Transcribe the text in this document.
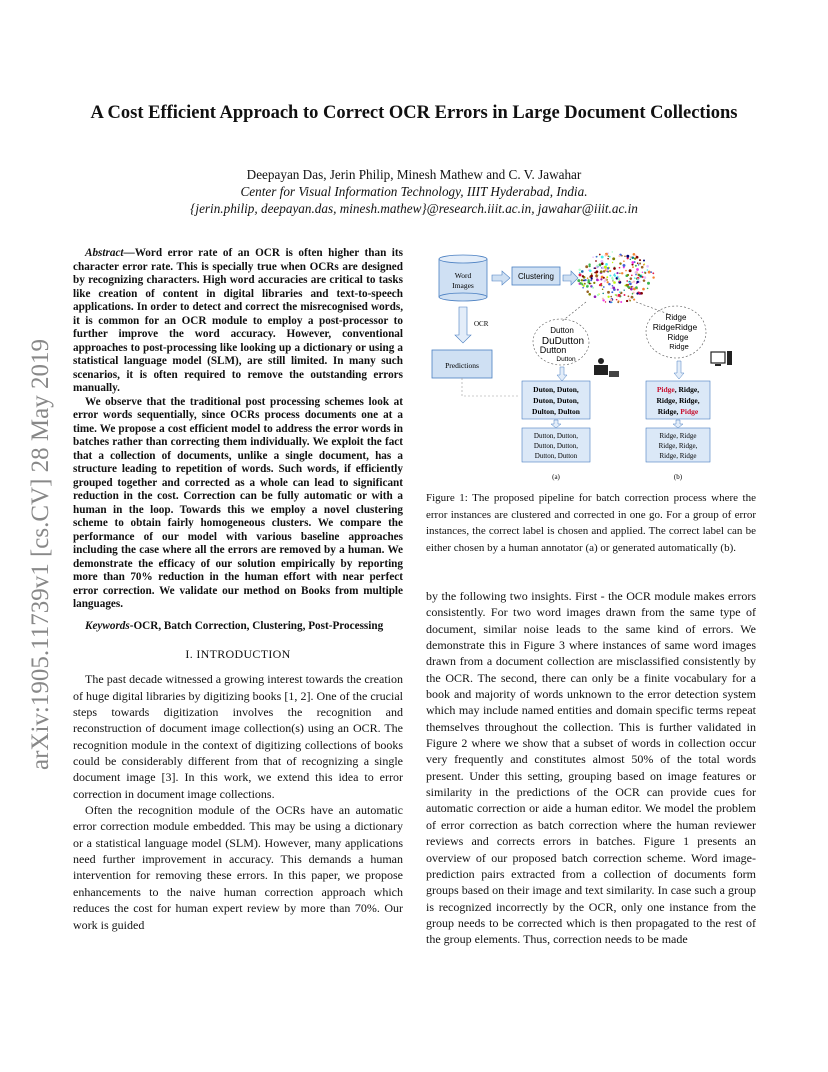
arXiv:1905.11739v1 [cs.CV] 28 May 2019
A Cost Efficient Approach to Correct OCR Errors in Large Document Collections
Deepayan Das, Jerin Philip, Minesh Mathew and C. V. Jawahar
Center for Visual Information Technology, IIIT Hyderabad, India.
{jerin.philip, deepayan.das, minesh.mathew}@research.iiit.ac.in, jawahar@iiit.ac.in

Abstract—Word error rate of an OCR is often higher than its character error rate. This is specially true when OCRs are designed by recognizing characters. High word accuracies are critical to tasks like creation of content in digital libraries and text-to-speech applications. In order to detect and correct the misrecognised words, it is common for an OCR module to employ a post-processor to further improve the word accuracy. However, conventional approaches to post-processing like looking up a dictionary or using a statistical language model (SLM), are still limited. In many such scenarios, it is often required to remove the outstanding errors manually.

We observe that the traditional post processing schemes look at error words sequentially, since OCRs process documents one at a time. We propose a cost efficient model to address the error words in batches rather than correcting them individually. We exploit the fact that a collection of documents, unlike a single document, has a structure leading to repetition of words. Such words, if efficiently grouped together and corrected as a whole can lead to significant reduction in the cost. Correction can be fully automatic or with a human in the loop. Towards this we employ a novel clustering scheme to obtain fairly homogeneous clusters. We compare the performance of our model with various baseline approaches including the case where all the errors are removed by a human. We demonstrate the efficacy of our solution empirically by reporting more than 70% reduction in the human effort with near perfect error correction. We validate our method on Books from multiple languages.

Keywords-OCR, Batch Correction, Clustering, Post-Processing

I. INTRODUCTION

The past decade witnessed a growing interest towards the creation of huge digital libraries by digitizing books [1, 2]. One of the crucial steps towards digitization involves the recognition and reconstruction of document image collection(s) using an OCR. The recognition module in the context of digitizing collections of books could be considerably different from that of recognizing a single document image [3]. In this work, we extend this idea to error correction in document image collections.

Often the recognition module of the OCRs have an automatic error correction module embedded. This may be using a dictionary or a statistical language model (SLM). However, many applications need further improvement in accuracy. This demands a human intervention for removing these errors. In this paper, we propose enhancements to the naive human correction approach which reduces the cost for human expert review by more than 70%. Our work is guided

Word
Images
Clustering
OCR
Predictions
Dutton
DuDutton
Dutton
Dutton
Ridge
RidgeRidge
Ridge
Ridge
Duton, Duton,
Duton, Duton,
Dulton, Dulton
Dutton, Dutton,
Dutton, Dutton,
Dutton, Dutton
Pidge, Ridge,
Ridge, Ridge,
Ridge, Pidge
Ridge, Ridge
Ridge, Ridge,
Ridge, Ridge
(a)	(b)
Figure 1: The proposed pipeline for batch correction process where the error instances are clustered and corrected in one go. For a group of error instances, the correct label is chosen and applied. The correct label can be either chosen by a human annotator (a) or generated automatically (b).

by the following two insights. First - the OCR module makes errors consistently. For two word images drawn from the same type of document, similar noise leads to the same kind of errors. We demonstrate this in Figure 3 where instances of same word images drawn from a document collection are misclassified consistently by the OCR. The second, there can only be a finite vocabulary for a book and majority of words unknown to the error detection system which may include named entities and domain specific terms repeat themselves throughout the collection. This is further validated in Figure 2 where we show that a subset of words in collection occur very frequently and constitutes almost 50% of the total words present. Under this setting, grouping based on image features or similarity in the predictions of the OCR can provide cues for automatic correction or aide a human editor. We model the problem of error correction as batch correction where the human reviewer reviews and corrects errors in batches. Figure 1 presents an overview of our proposed batch correction scheme. Word image-prediction pairs extracted from a collection of documents form groups based on their image and text similarity. In case such a group is recognized incorrectly by the OCR, only one instance from the group needs to be corrected which is then propagated to the rest of the group elements. Thus, correction needs to be made
